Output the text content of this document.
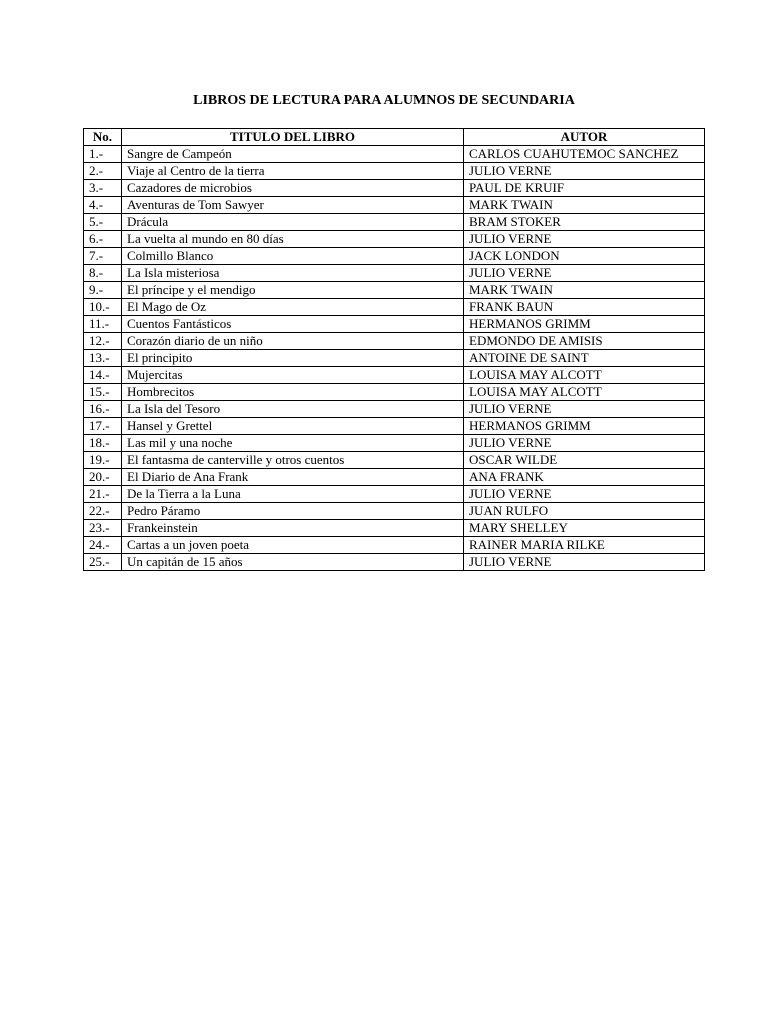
LIBROS DE LECTURA PARA ALUMNOS DE SECUNDARIA
No.	TITULO DEL LIBRO	AUTOR
1.-	Sangre de Campeón	CARLOS CUAHUTEMOC SANCHEZ
2.-	Viaje al Centro de la tierra	JULIO VERNE
3.-	Cazadores de microbios	PAUL DE KRUIF
4.-	Aventuras de Tom Sawyer	MARK TWAIN
5.-	Drácula	BRAM STOKER
6.-	La vuelta al mundo en 80 días	JULIO VERNE
7.-	Colmillo Blanco	JACK LONDON
8.-	La Isla misteriosa	JULIO VERNE
9.-	El príncipe y el mendigo	MARK TWAIN
10.-	El Mago de Oz	FRANK BAUN
11.-	Cuentos Fantásticos	HERMANOS GRIMM
12.-	Corazón diario de un niño	EDMONDO DE AMISIS
13.-	El principito	ANTOINE DE SAINT
14.-	Mujercitas	LOUISA MAY ALCOTT
15.-	Hombrecitos	LOUISA MAY ALCOTT
16.-	La Isla del Tesoro	JULIO VERNE
17.-	Hansel y Grettel	HERMANOS GRIMM
18.-	Las mil y una noche	JULIO VERNE
19.-	El fantasma de canterville y otros cuentos	OSCAR WILDE
20.-	El Diario de Ana Frank	ANA FRANK
21.-	De la Tierra a la Luna	JULIO VERNE
22.-	Pedro Páramo	JUAN RULFO
23.-	Frankeinstein	MARY SHELLEY
24.-	Cartas a un joven poeta	RAINER MARIA RILKE
25.-	Un capitán de 15 años	JULIO VERNE
